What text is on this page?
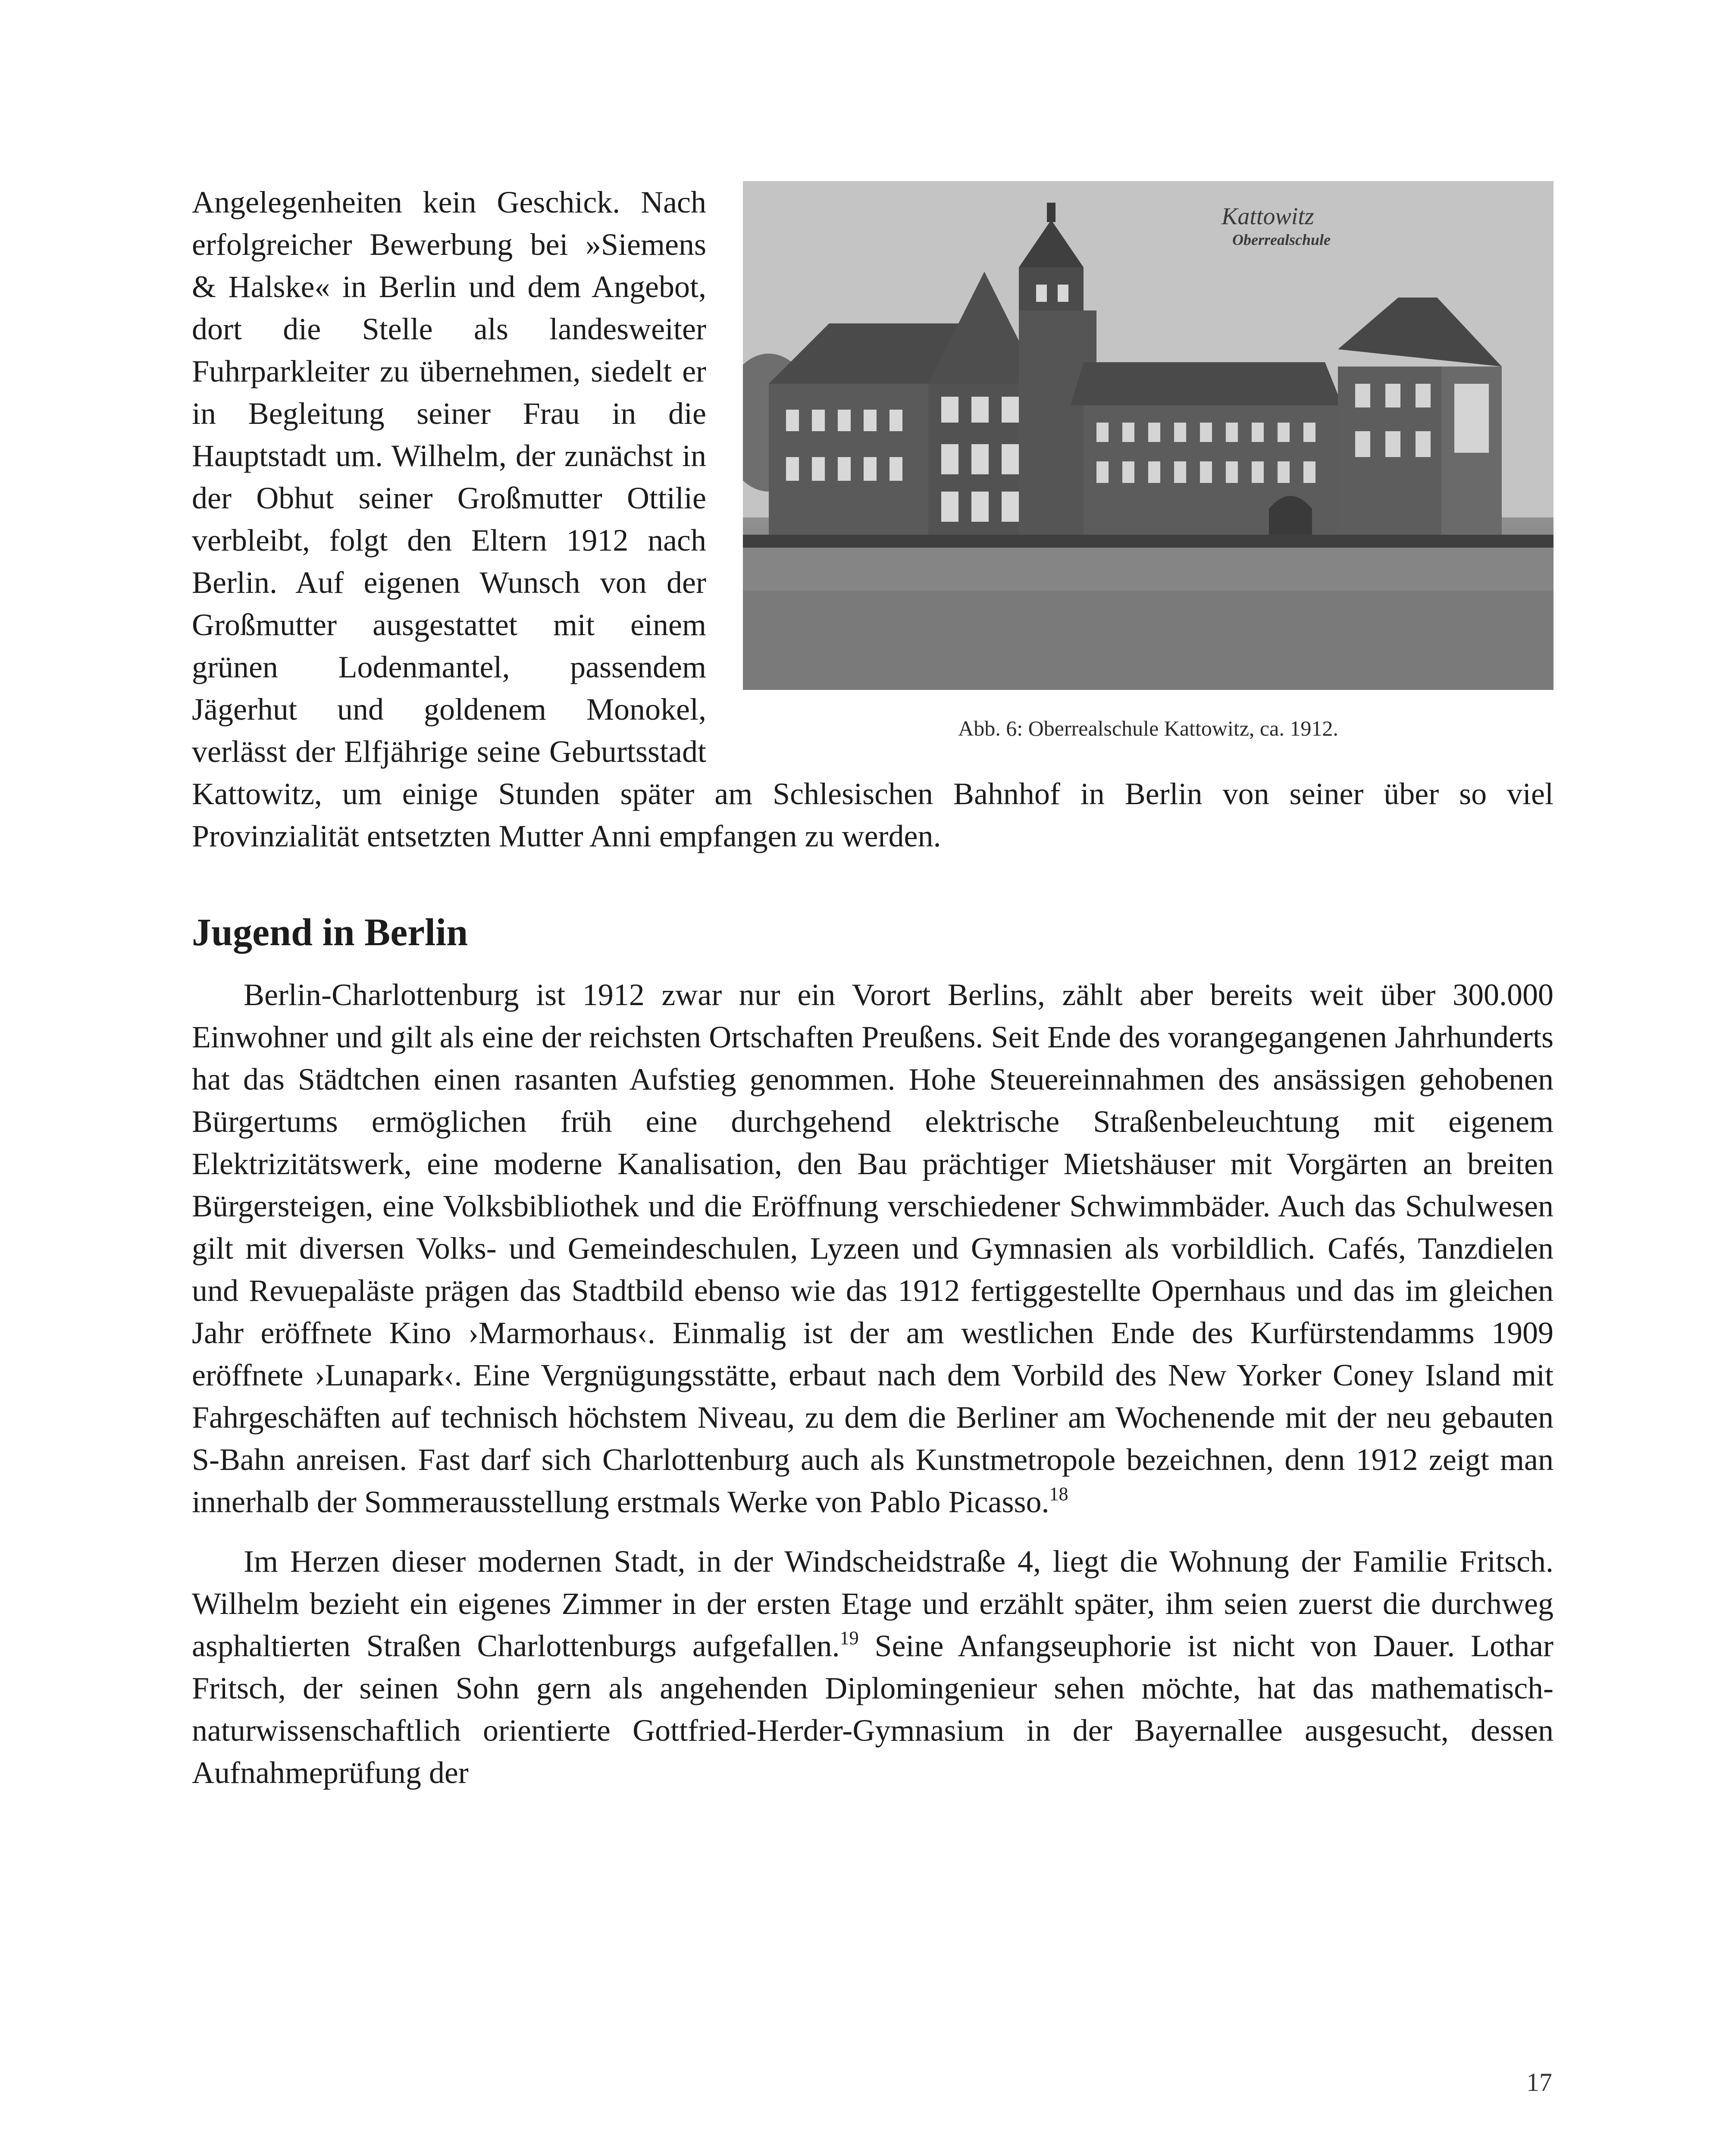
Kattowitz
Oberrealschule
Abb. 6: Oberrealschule Kattowitz, ca. 1912.

Angelegenheiten kein Geschick. Nach erfolgreicher Bewerbung bei »Siemens & Halske« in Berlin und dem Angebot, dort die Stelle als landesweiter Fuhrparkleiter zu übernehmen, siedelt er in Begleitung seiner Frau in die Hauptstadt um. Wilhelm, der zunächst in der Obhut seiner Großmutter Ottilie verbleibt, folgt den Eltern 1912 nach Berlin. Auf eigenen Wunsch von der Großmutter ausgestattet mit einem grünen Lodenmantel, passendem Jägerhut und goldenem Monokel, verlässt der Elfjährige seine Geburtsstadt Kattowitz, um einige Stunden später am Schlesischen Bahnhof in Berlin von seiner über so viel Provinzialität entsetzten Mutter Anni empfangen zu werden.

Jugend in Berlin

Berlin-Charlottenburg ist 1912 zwar nur ein Vorort Berlins, zählt aber bereits weit über 300.000 Einwohner und gilt als eine der reichsten Ortschaften Preußens. Seit Ende des vorangegangenen Jahrhunderts hat das Städtchen einen rasanten Aufstieg genommen. Hohe Steuereinnahmen des ansässigen gehobenen Bürgertums ermöglichen früh eine durchgehend elektrische Straßenbeleuchtung mit eigenem Elektrizitätswerk, eine moderne Kanalisation, den Bau prächtiger Mietshäuser mit Vorgärten an breiten Bürgersteigen, eine Volksbibliothek und die Eröffnung verschiedener Schwimmbäder. Auch das Schulwesen gilt mit diversen Volks- und Gemeindeschulen, Lyzeen und Gymnasien als vorbildlich. Cafés, Tanzdielen und Revuepaläste prägen das Stadtbild ebenso wie das 1912 fertiggestellte Opernhaus und das im gleichen Jahr eröffnete Kino ›Marmorhaus‹. Einmalig ist der am westlichen Ende des Kurfürstendamms 1909 eröffnete ›Lunapark‹. Eine Vergnügungsstätte, erbaut nach dem Vorbild des New Yorker Coney Island mit Fahrgeschäften auf technisch höchstem Niveau, zu dem die Berliner am Wochenende mit der neu gebauten S-Bahn anreisen. Fast darf sich Charlottenburg auch als Kunstmetropole bezeichnen, denn 1912 zeigt man innerhalb der Sommerausstellung erstmals Werke von Pablo Picasso.$^{18}$

Im Herzen dieser modernen Stadt, in der Windscheidstraße 4, liegt die Wohnung der Familie Fritsch. Wilhelm bezieht ein eigenes Zimmer in der ersten Etage und erzählt später, ihm seien zuerst die durchweg asphaltierten Straßen Charlottenburgs aufgefallen.$^{19}$ Seine Anfangseuphorie ist nicht von Dauer. Lothar Fritsch, der seinen Sohn gern als angehenden Diplomingenieur sehen möchte, hat das mathematisch-naturwissenschaftlich orientierte Gottfried-Herder-Gymnasium in der Bayernallee ausgesucht, dessen Aufnahmeprüfung der

17
